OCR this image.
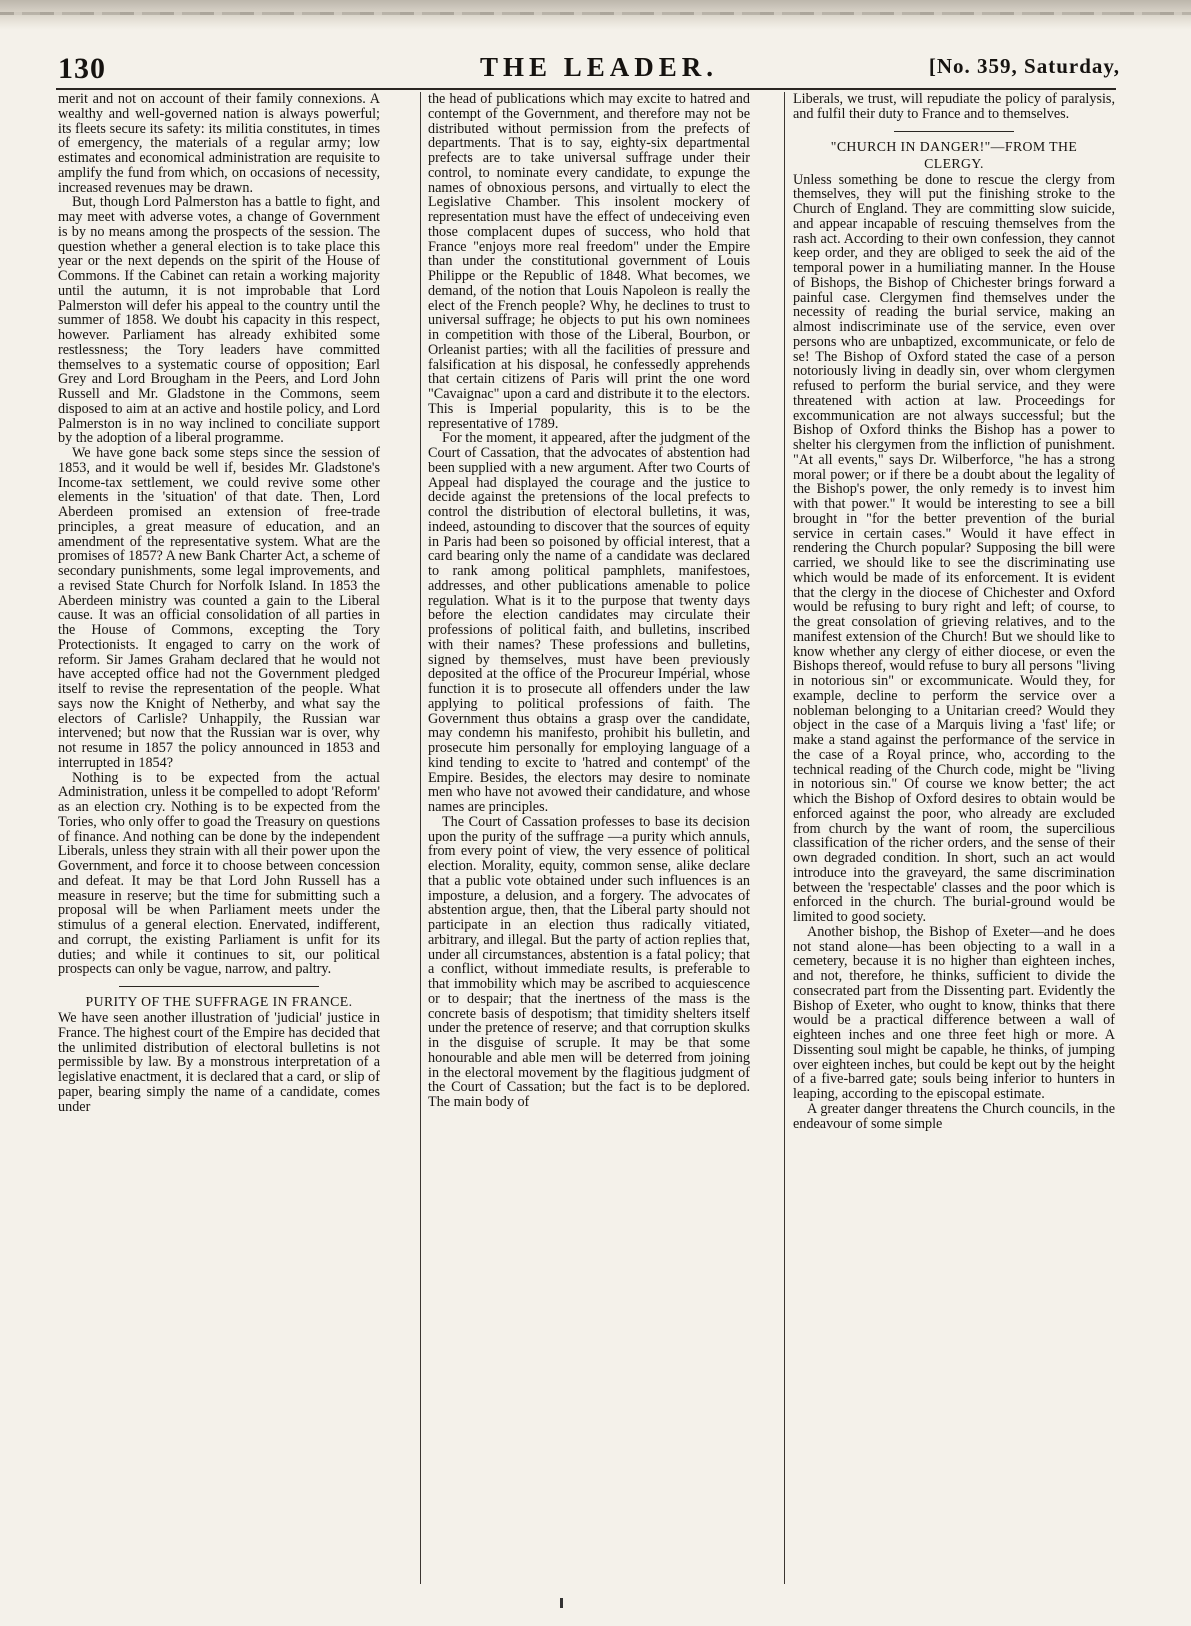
130	THE LEADER.	[No. 359, Saturday,

merit and not on account of their family connexions. A wealthy and well-governed nation is always powerful; its fleets secure its safety: its militia constitutes, in times of emergency, the materials of a regular army; low estimates and economical administration are requisite to amplify the fund from which, on occasions of necessity, increased revenues may be drawn.

But, though Lord Palmerston has a battle to fight, and may meet with adverse votes, a change of Government is by no means among the prospects of the session. The question whether a general election is to take place this year or the next depends on the spirit of the House of Commons. If the Cabinet can retain a working majority until the autumn, it is not improbable that Lord Palmerston will defer his appeal to the country until the summer of 1858. We doubt his capacity in this respect, however. Parliament has already exhibited some restlessness; the Tory leaders have committed themselves to a systematic course of opposition; Earl Grey and Lord Brougham in the Peers, and Lord John Russell and Mr. Gladstone in the Commons, seem disposed to aim at an active and hostile policy, and Lord Palmerston is in no way inclined to conciliate support by the adoption of a liberal programme.

We have gone back some steps since the session of 1853, and it would be well if, besides Mr. Gladstone's Income-tax settlement, we could revive some other elements in the 'situation' of that date. Then, Lord Aberdeen promised an extension of free-trade principles, a great measure of education, and an amendment of the representative system. What are the promises of 1857? A new Bank Charter Act, a scheme of secondary punishments, some legal improvements, and a revised State Church for Norfolk Island. In 1853 the Aberdeen ministry was counted a gain to the Liberal cause. It was an official consolidation of all parties in the House of Commons, excepting the Tory Protectionists. It engaged to carry on the work of reform. Sir James Graham declared that he would not have accepted office had not the Government pledged itself to revise the representation of the people. What says now the Knight of Netherby, and what say the electors of Carlisle? Unhappily, the Russian war intervened; but now that the Russian war is over, why not resume in 1857 the policy announced in 1853 and interrupted in 1854?

Nothing is to be expected from the actual Administration, unless it be compelled to adopt 'Reform' as an election cry. Nothing is to be expected from the Tories, who only offer to goad the Treasury on questions of finance. And nothing can be done by the independent Liberals, unless they strain with all their power upon the Government, and force it to choose between concession and defeat. It may be that Lord John Russell has a measure in reserve; but the time for submitting such a proposal will be when Parliament meets under the stimulus of a general election. Enervated, indifferent, and corrupt, the existing Parliament is unfit for its duties; and while it continues to sit, our political prospects can only be vague, narrow, and paltry.

PURITY OF THE SUFFRAGE IN FRANCE.

We have seen another illustration of 'judicial' justice in France. The highest court of the Empire has decided that the unlimited distribution of electoral bulletins is not permissible by law. By a monstrous interpretation of a legislative enactment, it is declared that a card, or slip of paper, bearing simply the name of a candidate, comes under

the head of publications which may excite to hatred and contempt of the Government, and therefore may not be distributed without permission from the prefects of departments. That is to say, eighty-six departmental prefects are to take universal suffrage under their control, to nominate every candidate, to expunge the names of obnoxious persons, and virtually to elect the Legislative Chamber. This insolent mockery of representation must have the effect of undeceiving even those complacent dupes of success, who hold that France "enjoys more real freedom" under the Empire than under the constitutional government of Louis Philippe or the Republic of 1848. What becomes, we demand, of the notion that Louis Napoleon is really the elect of the French people? Why, he declines to trust to universal suffrage; he objects to put his own nominees in competition with those of the Liberal, Bourbon, or Orleanist parties; with all the facilities of pressure and falsification at his disposal, he confessedly apprehends that certain citizens of Paris will print the one word "Cavaignac" upon a card and distribute it to the electors. This is Imperial popularity, this is to be the representative of 1789.

For the moment, it appeared, after the judgment of the Court of Cassation, that the advocates of abstention had been supplied with a new argument. After two Courts of Appeal had displayed the courage and the justice to decide against the pretensions of the local prefects to control the distribution of electoral bulletins, it was, indeed, astounding to discover that the sources of equity in Paris had been so poisoned by official interest, that a card bearing only the name of a candidate was declared to rank among political pamphlets, manifestoes, addresses, and other publications amenable to police regulation. What is it to the purpose that twenty days before the election candidates may circulate their professions of political faith, and bulletins, inscribed with their names? These professions and bulletins, signed by themselves, must have been previously deposited at the office of the Procureur Impérial, whose function it is to prosecute all offenders under the law applying to political professions of faith. The Government thus obtains a grasp over the candidate, may condemn his manifesto, prohibit his bulletin, and prosecute him personally for employing language of a kind tending to excite to 'hatred and contempt' of the Empire. Besides, the electors may desire to nominate men who have not avowed their candidature, and whose names are principles.

The Court of Cassation professes to base its decision upon the purity of the suffrage —a purity which annuls, from every point of view, the very essence of political election. Morality, equity, common sense, alike declare that a public vote obtained under such influences is an imposture, a delusion, and a forgery. The advocates of abstention argue, then, that the Liberal party should not participate in an election thus radically vitiated, arbitrary, and illegal. But the party of action replies that, under all circumstances, abstention is a fatal policy; that a conflict, without immediate results, is preferable to that immobility which may be ascribed to acquiescence or to despair; that the inertness of the mass is the concrete basis of despotism; that timidity shelters itself under the pretence of reserve; and that corruption skulks in the disguise of scruple. It may be that some honourable and able men will be deterred from joining in the electoral movement by the flagitious judgment of the Court of Cassation; but the fact is to be deplored. The main body of

Liberals, we trust, will repudiate the policy of paralysis, and fulfil their duty to France and to themselves.

"CHURCH IN DANGER!"—FROM THE
CLERGY.

Unless something be done to rescue the clergy from themselves, they will put the finishing stroke to the Church of England. They are committing slow suicide, and appear incapable of rescuing themselves from the rash act. According to their own confession, they cannot keep order, and they are obliged to seek the aid of the temporal power in a humiliating manner. In the House of Bishops, the Bishop of Chichester brings forward a painful case. Clergymen find themselves under the necessity of reading the burial service, making an almost indiscriminate use of the service, even over persons who are unbaptized, excommunicate, or felo de se! The Bishop of Oxford stated the case of a person notoriously living in deadly sin, over whom clergymen refused to perform the burial service, and they were threatened with action at law. Proceedings for excommunication are not always successful; but the Bishop of Oxford thinks the Bishop has a power to shelter his clergymen from the infliction of punishment. "At all events," says Dr. Wilberforce, "he has a strong moral power; or if there be a doubt about the legality of the Bishop's power, the only remedy is to invest him with that power." It would be interesting to see a bill brought in "for the better prevention of the burial service in certain cases." Would it have effect in rendering the Church popular? Supposing the bill were carried, we should like to see the discriminating use which would be made of its enforcement. It is evident that the clergy in the diocese of Chichester and Oxford would be refusing to bury right and left; of course, to the great consolation of grieving relatives, and to the manifest extension of the Church! But we should like to know whether any clergy of either diocese, or even the Bishops thereof, would refuse to bury all persons "living in notorious sin" or excommunicate. Would they, for example, decline to perform the service over a nobleman belonging to a Unitarian creed? Would they object in the case of a Marquis living a 'fast' life; or make a stand against the performance of the service in the case of a Royal prince, who, according to the technical reading of the Church code, might be "living in notorious sin." Of course we know better; the act which the Bishop of Oxford desires to obtain would be enforced against the poor, who already are excluded from church by the want of room, the supercilious classification of the richer orders, and the sense of their own degraded condition. In short, such an act would introduce into the graveyard, the same discrimination between the 'respectable' classes and the poor which is enforced in the church. The burial-ground would be limited to good society.

Another bishop, the Bishop of Exeter—and he does not stand alone—has been objecting to a wall in a cemetery, because it is no higher than eighteen inches, and not, therefore, he thinks, sufficient to divide the consecrated part from the Dissenting part. Evidently the Bishop of Exeter, who ought to know, thinks that there would be a practical difference between a wall of eighteen inches and one three feet high or more. A Dissenting soul might be capable, he thinks, of jumping over eighteen inches, but could be kept out by the height of a five-barred gate; souls being inferior to hunters in leaping, according to the episcopal estimate.

A greater danger threatens the Church councils, in the endeavour of some simple
